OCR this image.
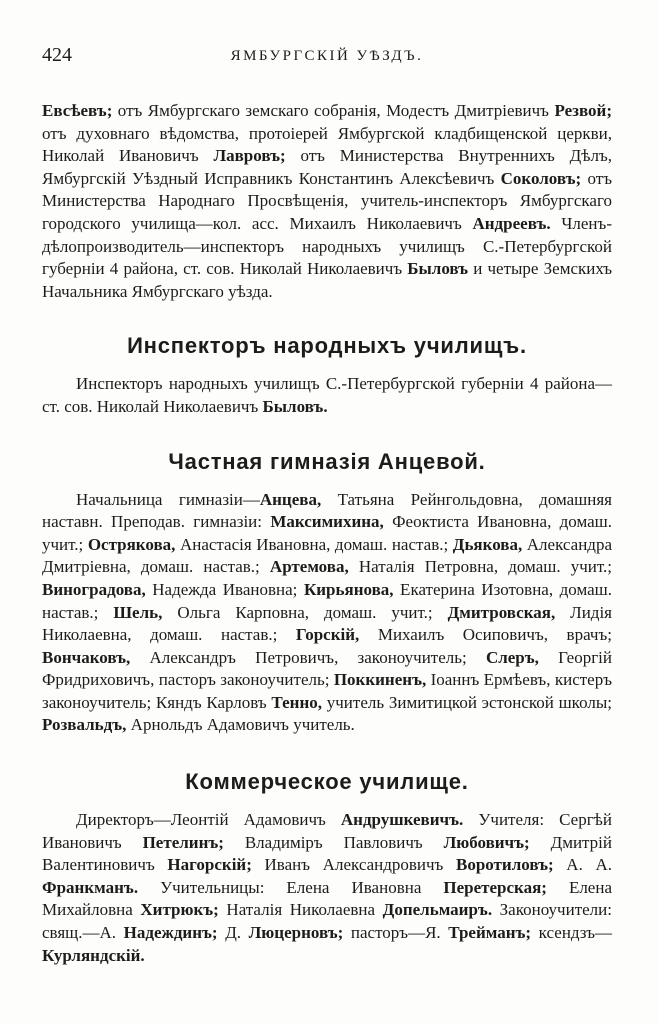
424	ЯМБУРГСКІЙ УѢЗДЪ.

Евсѣевъ; отъ Ямбургскаго земскаго собранія, Модестъ Дмитріевичъ Резвой; отъ духовнаго вѣдомства, протоіерей Ямбургской кладбищенской церкви, Николай Ивановичъ Лавровъ; отъ Министерства Внутреннихъ Дѣлъ, Ямбургскій Уѣздный Исправникъ Константинъ Алексѣевичъ Соколовъ; отъ Министерства Народнаго Просвѣщенія, учитель-инспекторъ Ямбургскаго городского училища—кол. асс. Михаилъ Николаевичъ Андреевъ. Членъ-дѣлопроизводитель—инспекторъ народныхъ училищъ С.-Петербургской губерніи 4 района, ст. сов. Николай Николаевичъ Быловъ и четыре Земскихъ Начальника Ямбургскаго уѣзда.

Инспекторъ народныхъ училищъ.

Инспекторъ народныхъ училищъ С.-Петербургской губерніи 4 района—ст. сов. Николай Николаевичъ Быловъ.

Частная гимназія Анцевой.

Начальница гимназіи—Анцева, Татьяна Рейнгольдовна, домашняя наставн. Преподав. гимназіи: Максимихина, Феоктиста Ивановна, домаш. учит.; Острякова, Анастасія Ивановна, домаш. настав.; Дьякова, Александра Дмитріевна, домаш. настав.; Артемова, Наталія Петровна, домаш. учит.; Виноградова, Надежда Ивановна; Кирьянова, Екатерина Изотовна, домаш. настав.; Шель, Ольга Карповна, домаш. учит.; Дмитровская, Лидія Николаевна, домаш. настав.; Горскій, Михаилъ Осиповичъ, врачъ; Вончаковъ, Александръ Петровичъ, законоучитель; Слеръ, Георгій Фридриховичъ, пасторъ законоучитель; Поккиненъ, Іоаннъ Ермѣевъ, кистеръ законоучитель; Кяндъ Карловъ Тенно, учитель Зимитицкой эстонской школы; Розвальдъ, Арнольдъ Адамовичъ учитель.

Коммерческое училище.

Директоръ—Леонтій Адамовичъ Андрушкевичъ. Учителя: Сергѣй Ивановичъ Петелинъ; Владиміръ Павловичъ Любовичъ; Дмитрій Валентиновичъ Нагорскій; Иванъ Александровичъ Воротиловъ; А. А. Франкманъ. Учительницы: Елена Ивановна Перетерская; Елена Михайловна Хитрюкъ; Наталія Николаевна Допельмаиръ. Законоучители: свящ.—А. Надеждинъ; Д. Люцерновъ; пасторъ—Я. Трейманъ; ксендзъ—Курляндскій.
